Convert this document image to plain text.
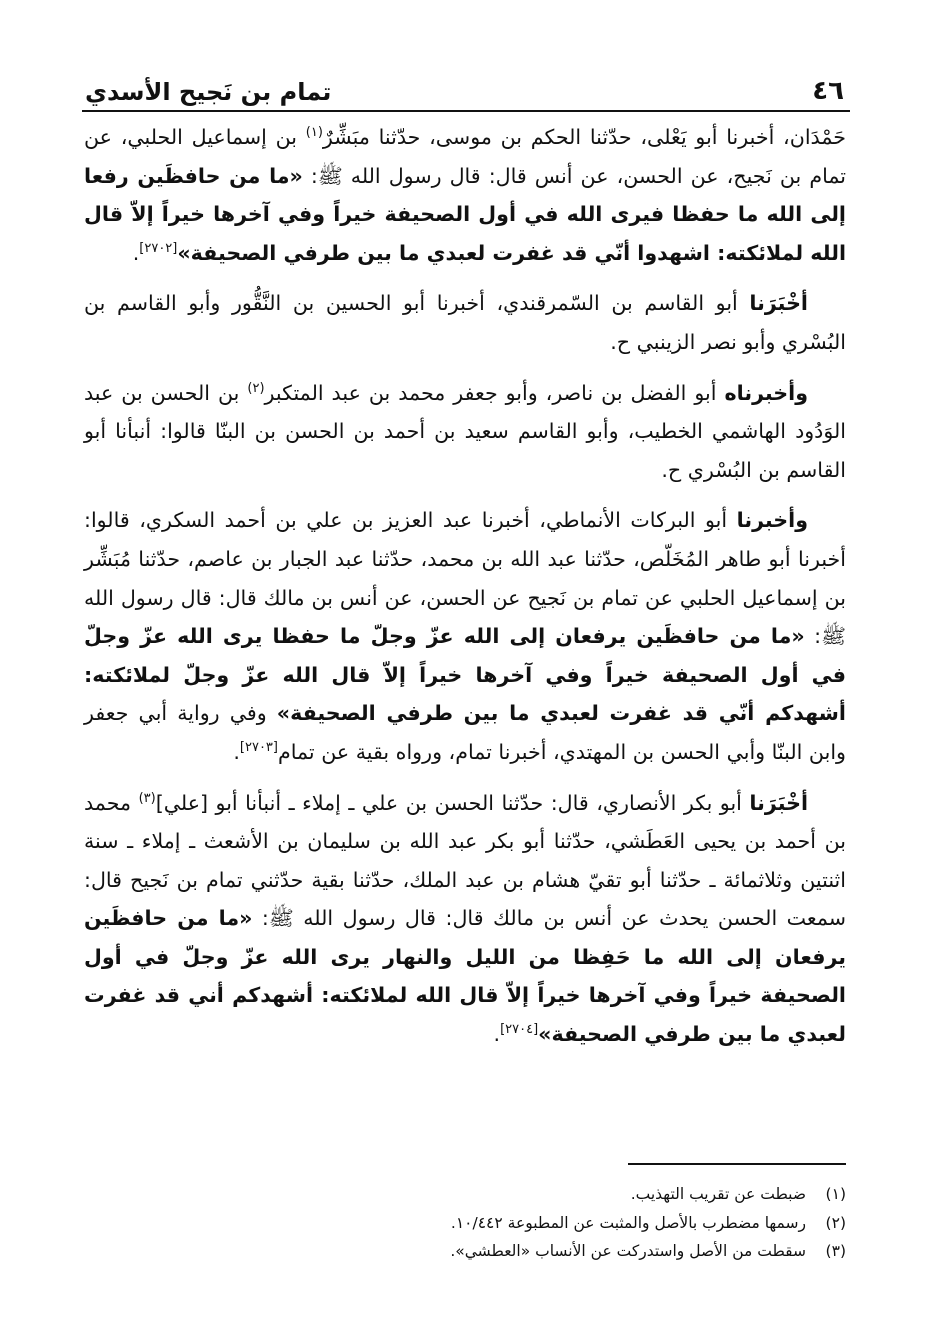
٤٦
تمام بن نَجيح الأسدي

حَمْدَان، أخبرنا أبو يَعْلى، حدّثنا الحكم بن موسى، حدّثنا مبَشِّرٌ$^{(١)}$ بن إسماعيل الحلبي، عن تمام بن نَجيح، عن الحسن، عن أنس قال: قال رسول الله ﷺ: «ما من حافظَين رفعا إلى الله ما حفظا فيرى الله في أول الصحيفة خيراً وفي آخرها خيراً إلاّ قال الله لملائكته: اشهدوا أنّي قد غفرت لعبدي ما بين طرفي الصحيفة»[٢٧٠٢].

أخْبَرَنا أبو القاسم بن السّمرقندي، أخبرنا أبو الحسين بن النَّقُّور وأبو القاسم بن البُسْري وأبو نصر الزينبي ح.

وأخبرناه أبو الفضل بن ناصر، وأبو جعفر محمد بن عبد المتكبر$^{(٢)}$ بن الحسن بن عبد الوَدُود الهاشمي الخطيب، وأبو القاسم سعيد بن أحمد بن الحسن بن البنّا قالوا: أنبأنا أبو القاسم بن البُسْري ح.

وأخبرنا أبو البركات الأنماطي، أخبرنا عبد العزيز بن علي بن أحمد السكري، قالوا: أخبرنا أبو طاهر المُخَلّص، حدّثنا عبد الله بن محمد، حدّثنا عبد الجبار بن عاصم، حدّثنا مُبَشِّر بن إسماعيل الحلبي عن تمام بن نَجيح عن الحسن، عن أنس بن مالك قال: قال رسول الله ﷺ: «ما من حافظَين يرفعان إلى الله عزّ وجلّ ما حفظا يرى الله عزّ وجلّ في أول الصحيفة خيراً وفي آخرها خيراً إلاّ قال الله عزّ وجلّ لملائكته: أشهدكم أنّي قد غفرت لعبدي ما بين طرفي الصحيفة» وفي رواية أبي جعفر وابن البنّا وأبي الحسن بن المهتدي، أخبرنا تمام، ورواه بقية عن تمام[٢٧٠٣].

أخْبَرَنا أبو بكر الأنصاري، قال: حدّثنا الحسن بن علي ـ إملاء ـ أنبأنا أبو [علي]$^{(٣)}$ محمد بن أحمد بن يحيى العَطَشي، حدّثنا أبو بكر عبد الله بن سليمان بن الأشعث ـ إملاء ـ سنة اثنتين وثلاثمائة ـ حدّثنا أبو تقيّ هشام بن عبد الملك، حدّثنا بقية حدّثني تمام بن نَجيح قال: سمعت الحسن يحدث عن أنس بن مالك قال: قال رسول الله ﷺ: «ما من حافظَين يرفعان إلى الله ما حَفِظا من الليل والنهار يرى الله عزّ وجلّ في أول الصحيفة خيراً وفي آخرها خيراً إلاّ قال الله لملائكته: أشهدكم أني قد غفرت لعبدي ما بين طرفي الصحيفة»[٢٧٠٤].

(١)
ضبطت عن تقريب التهذيب.
(٢)
رسمها مضطرب بالأصل والمثبت عن المطبوعة ١٠/٤٤٢.
(٣)
سقطت من الأصل واستدركت عن الأنساب «العطشي».
